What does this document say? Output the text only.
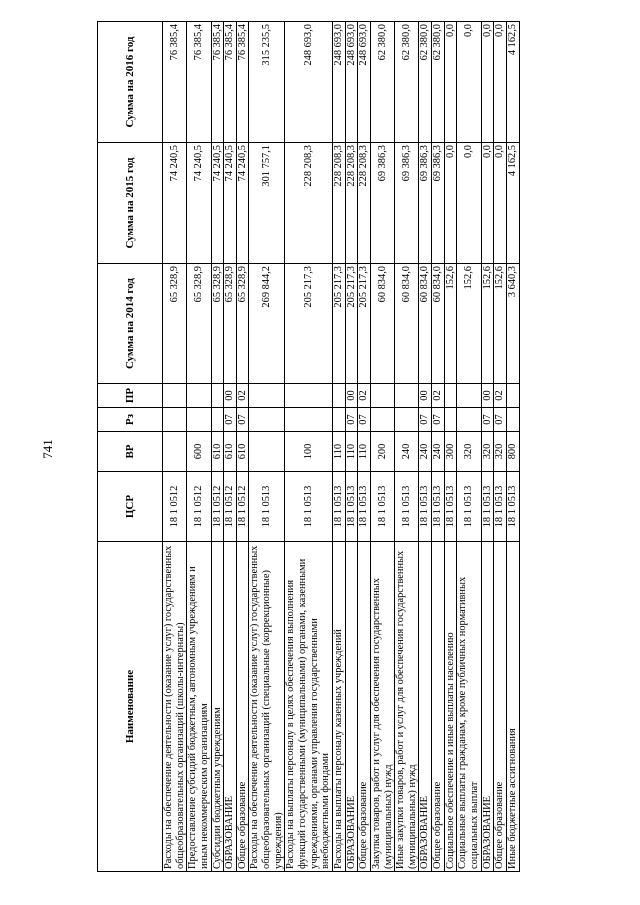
741
Наименование	ЦСР	ВР	Рз	ПР	Сумма на 2014 год	Сумма на 2015 год	Сумма на 2016 год
Расходы на обеспечение деятельности (оказание услуг) государственных общеобразовательных организаций (школы-интернаты)	18 1 0512				65 328,9	74 240,5	76 385,4
Предоставление субсидий бюджетным, автономным учреждениям и иным некоммерческим организациям	18 1 0512	600			65 328,9	74 240,5	76 385,4
Субсидии бюджетным учреждениям	18 1 0512	610			65 328,9	74 240,5	76 385,4
ОБРАЗОВАНИЕ	18 1 0512	610	07	00	65 328,9	74 240,5	76 385,4
Общее образование	18 1 0512	610	07	02	65 328,9	74 240,5	76 385,4
Расходы на обеспечение деятельности (оказание услуг) государственных общеобразовательных организаций (специальные (коррекционные) учреждения)	18 1 0513				269 844,2	301 757,1	315 235,5
Расходы на выплаты персоналу в целях обеспечения выполнения функций государственными (муниципальными) органами, казенными учреждениями, органами управления государственными внебюджетными фондами	18 1 0513	100			205 217,3	228 208,3	248 693,0
Расходы на выплаты персоналу казенных учреждений	18 1 0513	110			205 217,3	228 208,3	248 693,0
ОБРАЗОВАНИЕ	18 1 0513	110	07	00	205 217,3	228 208,3	248 693,0
Общее образование	18 1 0513	110	07	02	205 217,3	228 208,3	248 693,0
Закупка товаров, работ и услуг для обеспечения государственных (муниципальных) нужд	18 1 0513	200			60 834,0	69 386,3	62 380,0
Иные закупки товаров, работ и услуг для обеспечения государственных (муниципальных) нужд	18 1 0513	240			60 834,0	69 386,3	62 380,0
ОБРАЗОВАНИЕ	18 1 0513	240	07	00	60 834,0	69 386,3	62 380,0
Общее образование	18 1 0513	240	07	02	60 834,0	69 386,3	62 380,0
Социальное обеспечение и иные выплаты населению	18 1 0513	300			152,6	0,0	0,0
Социальные выплаты гражданам, кроме публичных нормативных социальных выплат	18 1 0513	320			152,6	0,0	0,0
ОБРАЗОВАНИЕ	18 1 0513	320	07	00	152,6	0,0	0,0
Общее образование	18 1 0513	320	07	02	152,6	0,0	0,0
Иные бюджетные ассигнования	18 1 0513	800			3 640,3	4 162,5	4 162,5
